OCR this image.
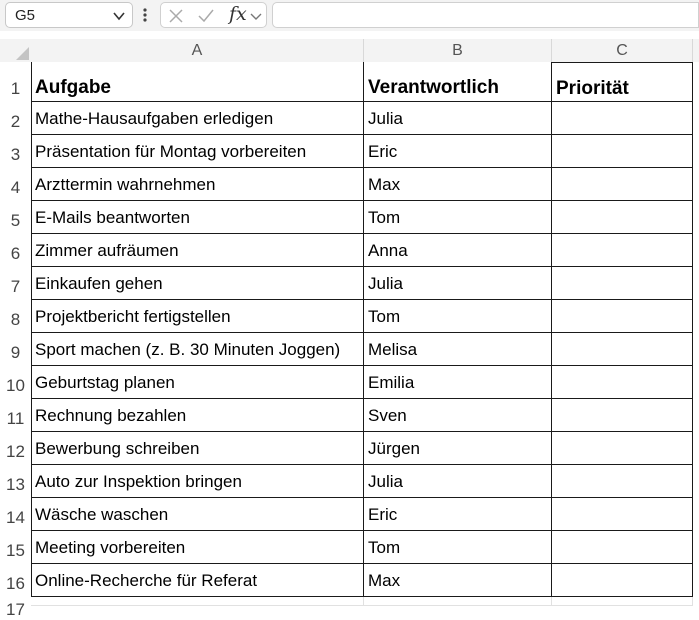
G5	fx
A	B	C
1
2
3
4
5
6
7
8
9
10
11
12
13
14
15
16
17
Aufgabe	Verantwortlich	Priorität
Mathe-Hausaufgaben erledigen	Julia
Präsentation für Montag vorbereiten	Eric
Arzttermin wahrnehmen	Max
E-Mails beantworten	Tom
Zimmer aufräumen	Anna
Einkaufen gehen	Julia
Projektbericht fertigstellen	Tom
Sport machen (z. B. 30 Minuten Joggen)	Melisa
Geburtstag planen	Emilia
Rechnung bezahlen	Sven
Bewerbung schreiben	Jürgen
Auto zur Inspektion bringen	Julia
Wäsche waschen	Eric
Meeting vorbereiten	Tom
Online-Recherche für Referat	Max
